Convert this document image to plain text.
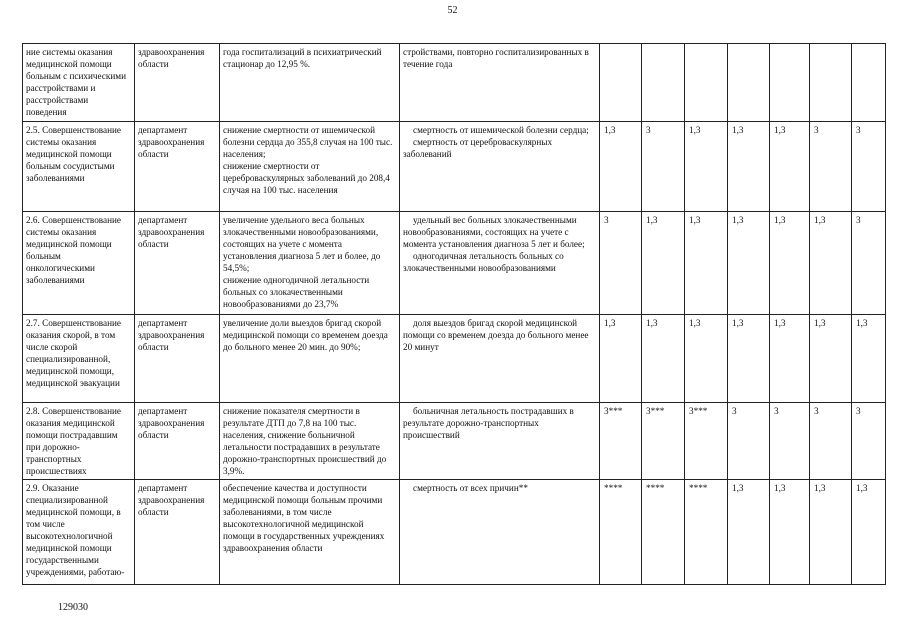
52
ние системы оказания медицинской помощи больным с психическими расстройствами и расстройствами поведения	здравоохранения области	года госпитализаций в психиатрический стационар до 12,95 %.	стройствами, повторно госпитализированных в течение года							

2.5. Совершенствование системы оказания медицинской помощи больным сосудистыми заболеваниями	департамент здравоохранения области	снижение смертности от ишемической болезни сердца до 355,8 случая на 100 тыс. населения;
снижение смертности от цереброваскулярных заболеваний до 208,4 случая на 100 тыс. населения	смертность от ишемической болезни сердца;
смертность от цереброваскулярных заболеваний	1,3	3	1,3	1,3	1,3	3	3
2.6. Совершенствование системы оказания медицинской помощи больным онкологическими заболеваниями	департамент здравоохранения области	увеличение удельного веса больных злокачественными новообразованиями, состоящих на учете с момента установления диагноза 5 лет и более, до 54,5%;
снижение одногодичной летальности больных со злокачественными новообразованиями до 23,7%	удельный вес больных злокачественными новообразованиями, состоящих на учете с момента установления диагноза 5 лет и более;
одногодичная летальность больных со злокачественными новообразованиями	3	1,3	1,3	1,3	1,3	1,3	3
2.7. Совершенствование оказания скорой, в том числе скорой специализированной, медицинской помощи, медицинской эвакуации	департамент здравоохранения области	увеличение доли выездов бригад скорой медицинской помощи со временем доезда до больного менее 20 мин. до 90%;	доля выездов бригад скорой медицинской помощи со временем доезда до больного менее 20 минут	1,3	1,3	1,3	1,3	1,3	1,3	1,3
2.8. Совершенствование оказания медицинской помощи пострадавшим при дорожно-транспортных происшествиях	департамент здравоохранения области	снижение показателя смертности в результате ДТП до 7,8 на 100 тыс. населения, снижение больничной летальности пострадавших в результате дорожно-транспортных происшествий до 3,9%.	больничная летальность пострадавших в результате дорожно-транспортных происшествий	3***	3***	3***	3	3	3	3
2.9. Оказание специализированной медицинской помощи, в том числе высокотехнологичной медицинской помощи государственными учреждениями, работаю-	департамент здравоохранения области	обеспечение качества и доступности медицинской помощи больным прочими заболеваниями, в том числе высокотехнологичной медицинской помощи в государственных учреждениях здравоохранения области	смертность от всех причин**	****	****	****	1,3	1,3	1,3	1,3
129030
